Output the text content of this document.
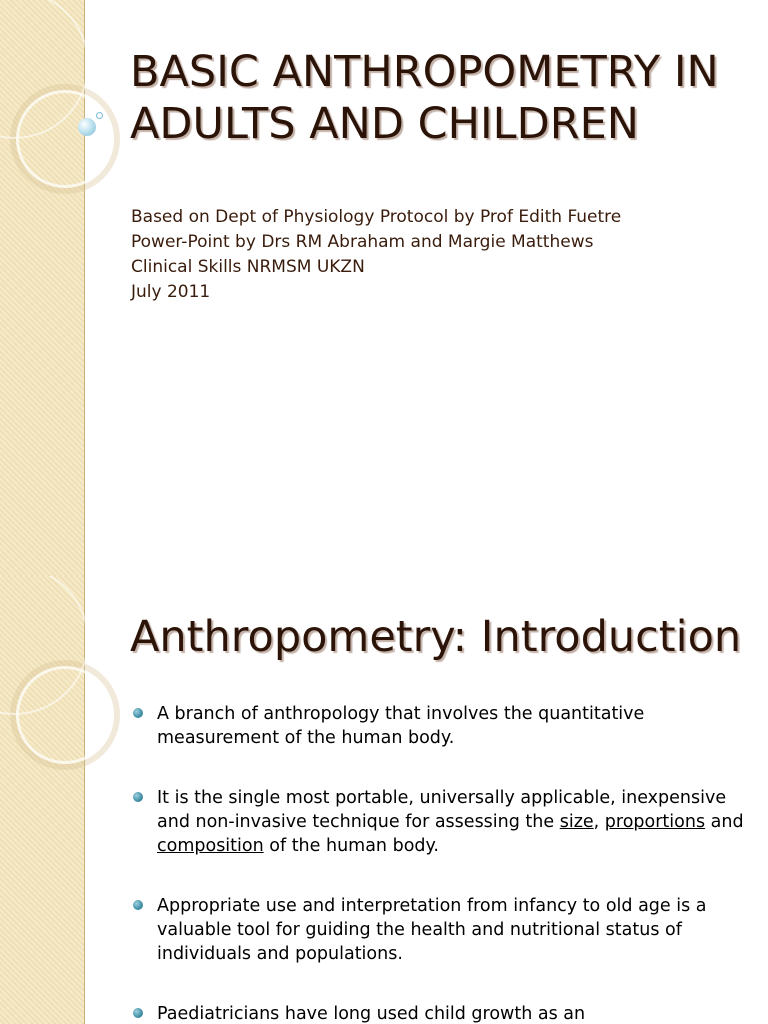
BASIC ANTHROPOMETRY IN ADULTS AND CHILDREN
Based on Dept of Physiology Protocol by Prof Edith Fuetre
Power-Point by Drs RM Abraham and Margie Matthews
Clinical Skills NRMSM UKZN
July 2011
Anthropometry: Introduction
A branch of anthropology that involves the quantitative measurement of the human body.
It is the single most portable, universally applicable, inexpensive and non-invasive technique for assessing the size, proportions and composition of the human body.
Appropriate use and interpretation from infancy to old age is a valuable tool for guiding the health and nutritional status of individuals and populations.
Paediatricians have long used child growth as an
